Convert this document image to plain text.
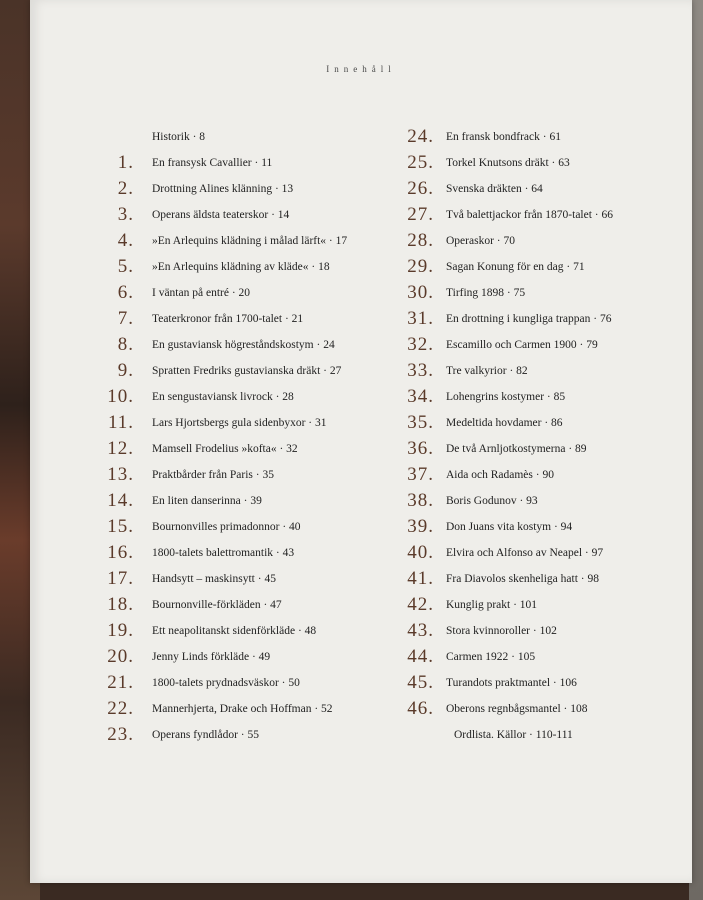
Innehåll
Historik · 8
1. En fransysk Cavallier · 11
2. Drottning Alines klänning · 13
3. Operans äldsta teaterskor · 14
4. »En Arlequins klädning i målad lärft« · 17
5. »En Arlequins klädning av kläde« · 18
6. I väntan på entré · 20
7. Teaterkronor från 1700-talet · 21
8. En gustaviansk högreståndskostym · 24
9. Spratten Fredriks gustavianska dräkt · 27
10. En sengustaviansk livrock · 28
11. Lars Hjortsbergs gula sidenbyxor · 31
12. Mamsell Frodelius »kofta« · 32
13. Praktbårder från Paris · 35
14. En liten danserinna · 39
15. Bournonvilles primadonnor · 40
16. 1800-talets balettromantik · 43
17. Handsytt – maskinsytt · 45
18. Bournonville-förkläden · 47
19. Ett neapolitanskt sidenförkläde · 48
20. Jenny Linds förkläde · 49
21. 1800-talets prydnadsväskor · 50
22. Mannerhjerta, Drake och Hoffman · 52
23. Operans fyndlådor · 55
24. En fransk bondfrack · 61
25. Torkel Knutsons dräkt · 63
26. Svenska dräkten · 64
27. Två balettjackor från 1870-talet · 66
28. Operaskor · 70
29. Sagan Konung för en dag · 71
30. Tirfing 1898 · 75
31. En drottning i kungliga trappan · 76
32. Escamillo och Carmen 1900 · 79
33. Tre valkyrior · 82
34. Lohengrins kostymer · 85
35. Medeltida hovdamer · 86
36. De två Arnljotkostymerna · 89
37. Aida och Radamès · 90
38. Boris Godunov · 93
39. Don Juans vita kostym · 94
40. Elvira och Alfonso av Neapel · 97
41. Fra Diavolos skenheliga hatt · 98
42. Kunglig prakt · 101
43. Stora kvinnoroller · 102
44. Carmen 1922 · 105
45. Turandots praktmantel · 106
46. Oberons regnbågsmantel · 108
Ordlista. Källor · 110-111
